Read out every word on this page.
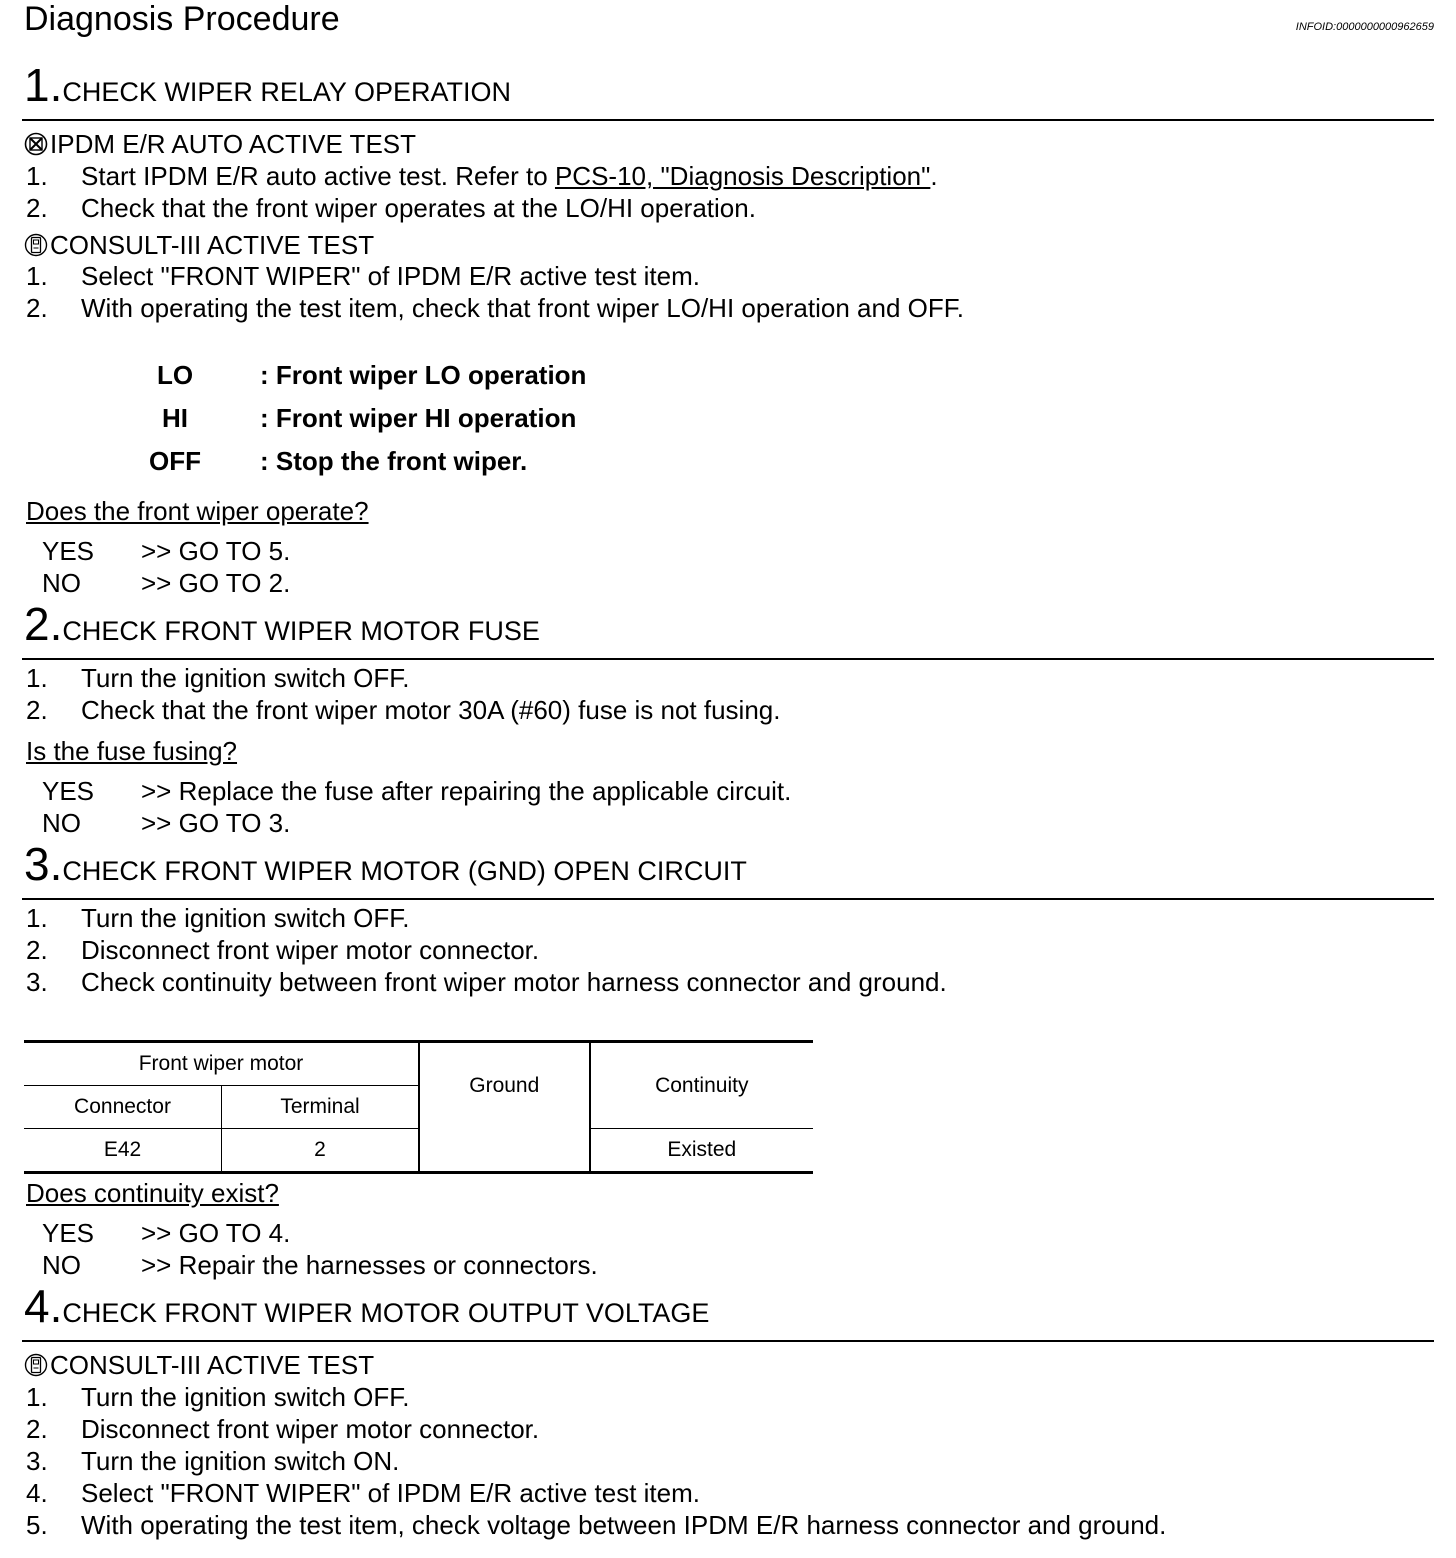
Diagnosis Procedure	INFOID:0000000000962659
1.CHECK WIPER RELAY OPERATION
IPDM E/R AUTO ACTIVE TEST
1. Start IPDM E/R auto active test. Refer to PCS-10, "Diagnosis Description".
2. Check that the front wiper operates at the LO/HI operation.
CONSULT-III ACTIVE TEST
1. Select "FRONT WIPER" of IPDM E/R active test item.
2. With operating the test item, check that front wiper LO/HI operation and OFF.
LO	: Front wiper LO operation
HI	: Front wiper HI operation
OFF	: Stop the front wiper.
Does the front wiper operate?
YES >> GO TO 5.
NO >> GO TO 2.
2.CHECK FRONT WIPER MOTOR FUSE
1. Turn the ignition switch OFF.
2. Check that the front wiper motor 30A (#60) fuse is not fusing.
Is the fuse fusing?
YES >> Replace the fuse after repairing the applicable circuit.
NO >> GO TO 3.
3.CHECK FRONT WIPER MOTOR (GND) OPEN CIRCUIT
1. Turn the ignition switch OFF.
2. Disconnect front wiper motor connector.
3. Check continuity between front wiper motor harness connector and ground.
Front wiper motor		Ground	Continuity
Connector	Terminal		
E42	2		Existed
Does continuity exist?
YES >> GO TO 4.
NO >> Repair the harnesses or connectors.
4.CHECK FRONT WIPER MOTOR OUTPUT VOLTAGE
CONSULT-III ACTIVE TEST
1. Turn the ignition switch OFF.
2. Disconnect front wiper motor connector.
3. Turn the ignition switch ON.
4. Select "FRONT WIPER" of IPDM E/R active test item.
5. With operating the test item, check voltage between IPDM E/R harness connector and ground.
